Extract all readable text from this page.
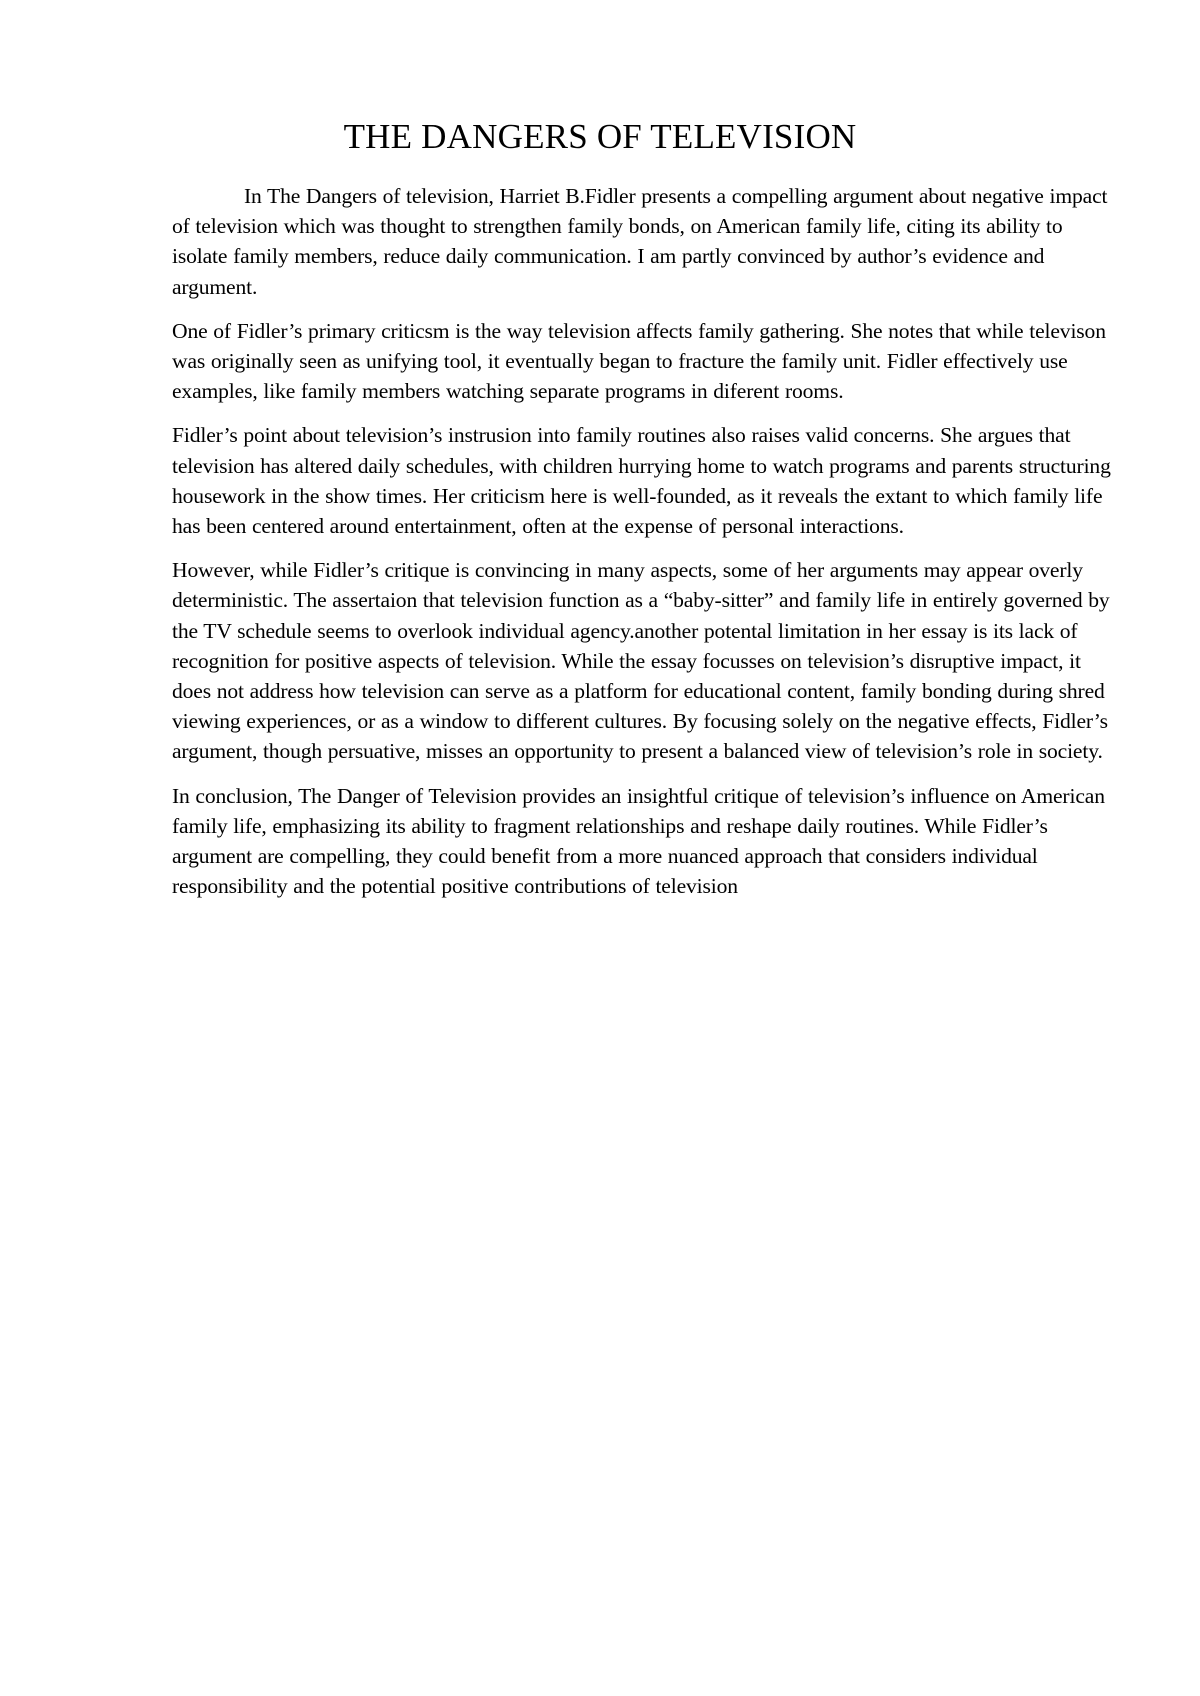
THE DANGERS OF TELEVISION

In The Dangers of television, Harriet B.Fidler presents a compelling argument about negative impact of television which was thought to strengthen family bonds, on American family life, citing its ability to isolate family members, reduce daily communication. I am partly convinced by author’s evidence and argument.

One of Fidler’s primary criticsm is the way television affects family gathering. She notes that while televison was originally seen as unifying tool, it eventually began to fracture the family unit. Fidler effectively use examples, like family members watching separate programs in diferent rooms.

Fidler’s point about television’s instrusion into family routines also raises valid concerns. She argues that television has altered daily schedules, with children hurrying home to watch programs and parents structuring housework in the show times. Her criticism here is well-founded, as it reveals the extant to which family life has been centered around entertainment, often at the expense of personal interactions.

However, while Fidler’s critique is convincing in many aspects, some of her arguments may appear overly deterministic. The assertaion that television function as a “baby-sitter” and family life in entirely governed by the TV schedule seems to overlook individual agency.another potental limitation in her essay is its lack of recognition for positive aspects of television. While the essay focusses on television’s disruptive impact, it does not address how television can serve as a platform for educational content, family bonding during shred viewing experiences, or as a window to different cultures. By focusing solely on the negative effects, Fidler’s argument, though persuative, misses an opportunity to present a balanced view of television’s role in society.

In conclusion, The Danger of Television provides an insightful critique of television’s influence on American family life, emphasizing its ability to fragment relationships and reshape daily routines. While Fidler’s argument are compelling, they could benefit from a more nuanced approach that considers individual responsibility and the potential positive contributions of television
